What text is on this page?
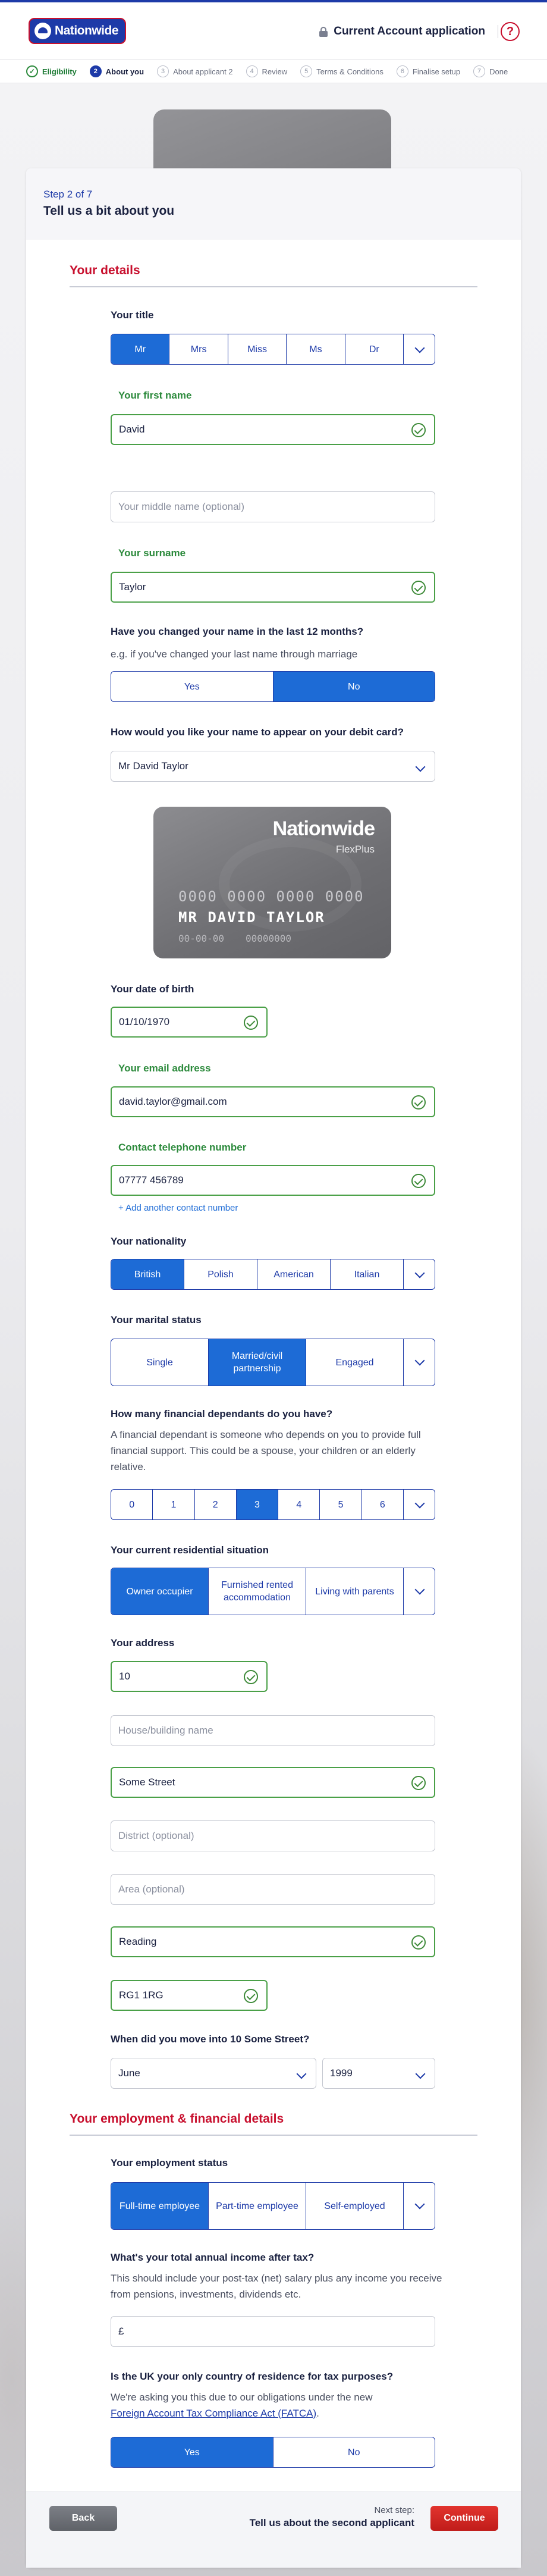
Nationwide	Current Account application	?
✓ Eligibility	2	About you	3	About applicant 2	4	Review	5	Terms & Conditions	6	Finalise setup	7	Done
Step 2 of 7
Tell us a bit about you
Your details
Your title
Mr	Mrs	Miss	Ms	Dr
Your first name
David
Your middle name (optional)
Your surname
Taylor
Have you changed your name in the last 12 months?
e.g. if you've changed your last name through marriage
Yes	No
How would you like your name to appear on your debit card?
Mr David Taylor
Nationwide
FlexPlus
0000 0000 0000 0000
MR DAVID TAYLOR
00-00-00 00000000
Your date of birth
01/10/1970
Your email address
david.taylor@gmail.com
Contact telephone number
07777 456789
+ Add another contact number
Your nationality
British	Polish	American	Italian
Your marital status
Single
Married/civil partnership
Engaged
How many financial dependants do you have?
A financial dependant is someone who depends on you to provide full financial support. This could be a spouse, your children or an elderly relative.
0	1	2	3	4	5	6
Your current residential situation
Owner occupier
Furnished rented accommodation
Living with parents
Your address
10
House/building name
Some Street
District (optional)
Area (optional)
Reading
RG1 1RG
When did you move into 10 Some Street?
June	1999
Your employment & financial details
Your employment status
Full-time employee	Part-time employee	Self-employed
What's your total annual income after tax?
This should include your post-tax (net) salary plus any income you receive from pensions, investments, dividends etc.
£
Is the UK your only country of residence for tax purposes?
We're asking you this due to our obligations under the new
Foreign Account Tax Compliance Act (FATCA).
Yes	No
Back
Next step:
Tell us about the second applicant	Continue
